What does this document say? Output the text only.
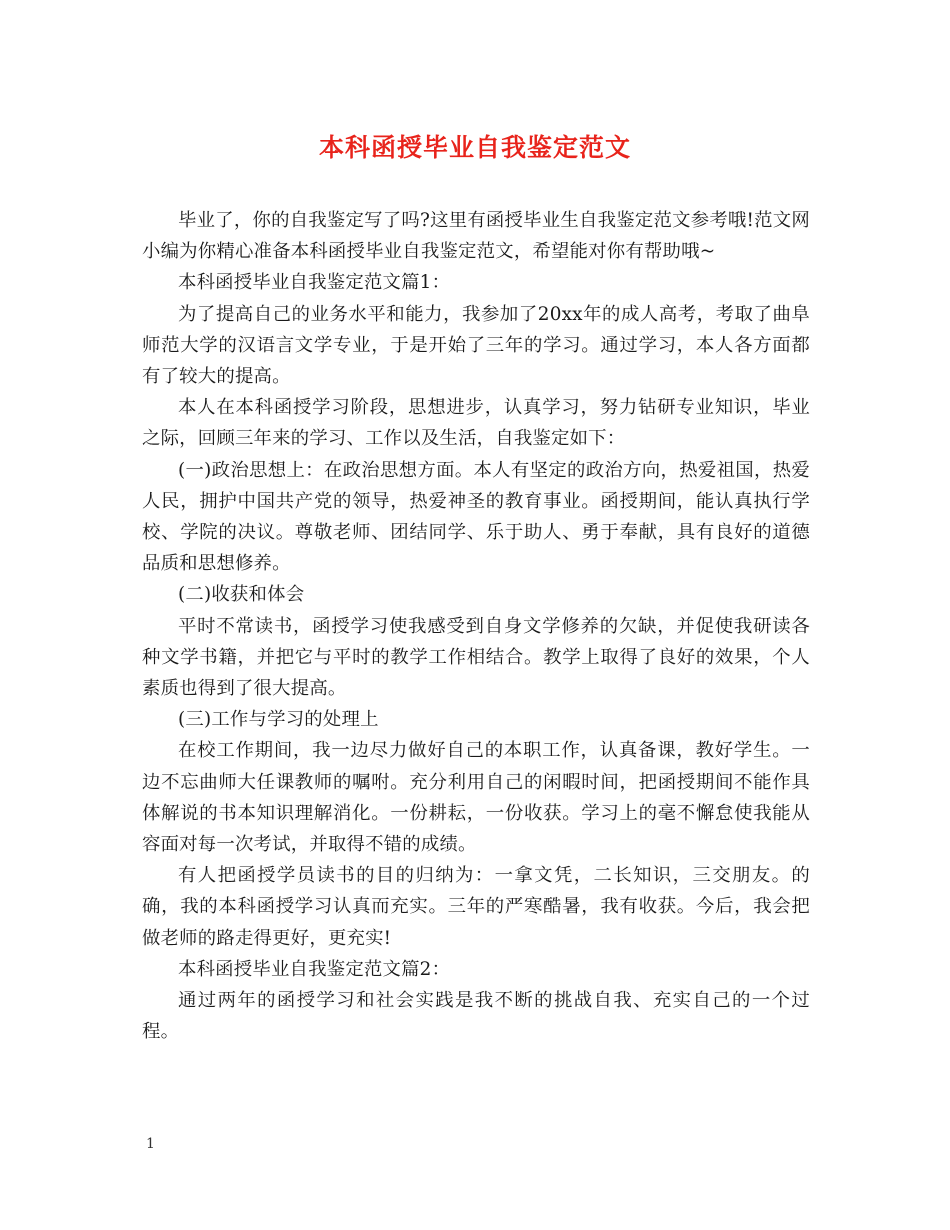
本科函授毕业自我鉴定范文

毕业了，你的自我鉴定写了吗?这里有函授毕业生自我鉴定范文参考哦!范文网小编为你精心准备本科函授毕业自我鉴定范文，希望能对你有帮助哦~

本科函授毕业自我鉴定范文篇1：

为了提高自己的业务水平和能力，我参加了20xx年的成人高考，考取了曲阜师范大学的汉语言文学专业，于是开始了三年的学习。通过学习，本人各方面都有了较大的提高。

本人在本科函授学习阶段，思想进步，认真学习，努力钻研专业知识，毕业之际，回顾三年来的学习、工作以及生活，自我鉴定如下：

(一)政治思想上：在政治思想方面。本人有坚定的政治方向，热爱祖国，热爱人民，拥护中国共产党的领导，热爱神圣的教育事业。函授期间，能认真执行学校、学院的决议。尊敬老师、团结同学、乐于助人、勇于奉献，具有良好的道德品质和思想修养。

(二)收获和体会

平时不常读书，函授学习使我感受到自身文学修养的欠缺，并促使我研读各种文学书籍，并把它与平时的教学工作相结合。教学上取得了良好的效果，个人素质也得到了很大提高。

(三)工作与学习的处理上

在校工作期间，我一边尽力做好自己的本职工作，认真备课，教好学生。一边不忘曲师大任课教师的嘱咐。充分利用自己的闲暇时间，把函授期间不能作具体解说的书本知识理解消化。一份耕耘，一份收获。学习上的毫不懈怠使我能从容面对每一次考试，并取得不错的成绩。

有人把函授学员读书的目的归纳为：一拿文凭，二长知识，三交朋友。的确，我的本科函授学习认真而充实。三年的严寒酷暑，我有收获。今后，我会把做老师的路走得更好，更充实!

本科函授毕业自我鉴定范文篇2：

通过两年的函授学习和社会实践是我不断的挑战自我、充实自己的一个过程。

1
